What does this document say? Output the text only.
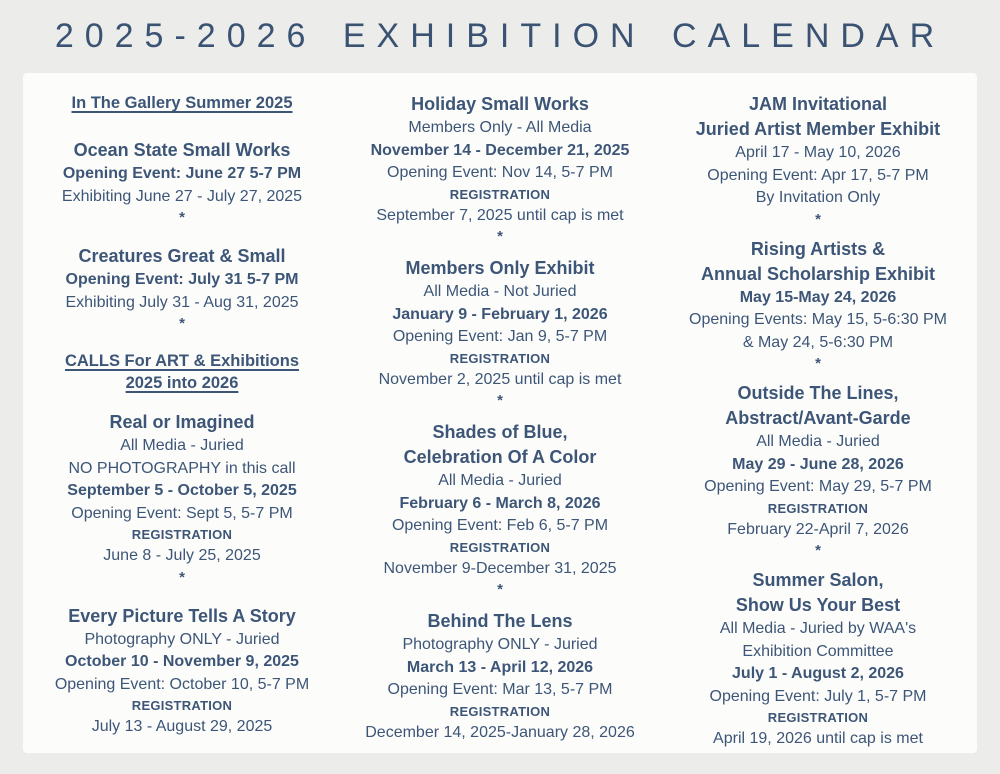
2025-2026 EXHIBITION CALENDAR
In The Gallery Summer 2025
Ocean State Small Works
Opening Event: June 27 5-7 PM
Exhibiting June 27 - July 27, 2025
*
Creatures Great & Small
Opening Event: July 31 5-7 PM
Exhibiting July 31 - Aug 31, 2025
*
CALLS For ART & Exhibitions
2025 into 2026
Real or Imagined
All Media - Juried
NO PHOTOGRAPHY in this call
September 5 - October 5, 2025
Opening Event: Sept 5, 5-7 PM
REGISTRATION
June 8 - July 25, 2025
*
Every Picture Tells A Story
Photography ONLY - Juried
October 10 - November 9, 2025
Opening Event: October 10, 5-7 PM
REGISTRATION
July 13 - August 29, 2025
Holiday Small Works
Members Only - All Media
November 14 - December 21, 2025
Opening Event: Nov 14, 5-7 PM
REGISTRATION
September 7, 2025 until cap is met
*
Members Only Exhibit
All Media - Not Juried
January 9 - February 1, 2026
Opening Event: Jan 9, 5-7 PM
REGISTRATION
November 2, 2025 until cap is met
*
Shades of Blue,
Celebration Of A Color
All Media - Juried
February 6 - March 8, 2026
Opening Event: Feb 6, 5-7 PM
REGISTRATION
November 9-December 31, 2025
*
Behind The Lens
Photography ONLY - Juried
March 13 - April 12, 2026
Opening Event: Mar 13, 5-7 PM
REGISTRATION
December 14, 2025-January 28, 2026
JAM Invitational
Juried Artist Member Exhibit
April 17 - May 10, 2026
Opening Event: Apr 17, 5-7 PM
By Invitation Only
*
Rising Artists &
Annual Scholarship Exhibit
May 15-May 24, 2026
Opening Events: May 15, 5-6:30 PM
& May 24, 5-6:30 PM
*
Outside The Lines,
Abstract/Avant-Garde
All Media - Juried
May 29 - June 28, 2026
Opening Event: May 29, 5-7 PM
REGISTRATION
February 22-April 7, 2026
*
Summer Salon,
Show Us Your Best
All Media - Juried by WAA's
Exhibition Committee
July 1 - August 2, 2026
Opening Event: July 1, 5-7 PM
REGISTRATION
April 19, 2026 until cap is met
